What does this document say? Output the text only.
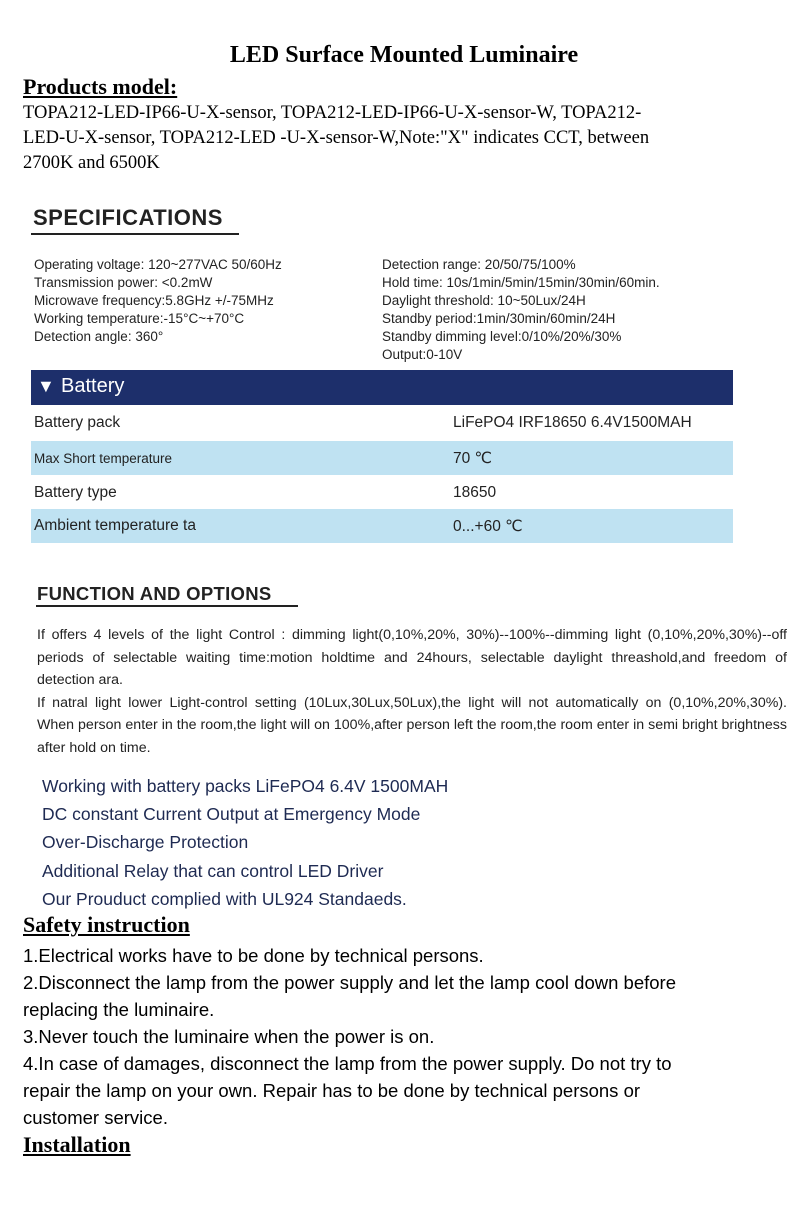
LED Surface Mounted Luminaire
Products model:
TOPA212-LED-IP66-U-X-sensor, TOPA212-LED-IP66-U-X-sensor-W, TOPA212-
LED-U-X-sensor, TOPA212-LED -U-X-sensor-W,Note:"X" indicates CCT, between
2700K and 6500K
SPECIFICATIONS
Operating voltage: 120~277VAC 50/60Hz
Transmission power: <0.2mW
Microwave frequency:5.8GHz +/-75MHz
Working temperature:-15°C~+70°C
Detection angle: 360°
Detection range: 20/50/75/100%
Hold time: 10s/1min/5min/15min/30min/60min.
Daylight threshold: 10~50Lux/24H
Standby period:1min/30min/60min/24H
Standby dimming level:0/10%/20%/30%
Output:0-10V
▼ Battery
Battery pack	LiFePO4 IRF18650 6.4V1500MAH
Max Short temperature	70 ℃
Battery type	18650
Ambient temperature ta	0...+60 ℃
FUNCTION AND OPTIONS
If offers 4 levels of the light Control : dimming light(0,10%,20%, 30%)--100%--dimming light (0,10%,20%,30%)--off periods of selectable waiting time:motion holdtime and 24hours, selectable daylight threashold,and freedom of detection ara.
If natral light lower Light-control setting (10Lux,30Lux,50Lux),the light will not automatically on (0,10%,20%,30%). When person enter in the room,the light will on 100%,after person left the room,the room enter in semi bright brightness after hold on time.
Working with battery packs LiFePO4 6.4V 1500MAH
DC constant Current Output at Emergency Mode
Over-Discharge Protection
Additional Relay that can control LED Driver
Our Prouduct complied with UL924 Standaeds.
Safety instruction
1.Electrical works have to be done by technical persons.
2.Disconnect the lamp from the power supply and let the lamp cool down before
replacing the luminaire.
3.Never touch the luminaire when the power is on.
4.In case of damages, disconnect the lamp from the power supply. Do not try to
repair the lamp on your own. Repair has to be done by technical persons or
customer service.
Installation
